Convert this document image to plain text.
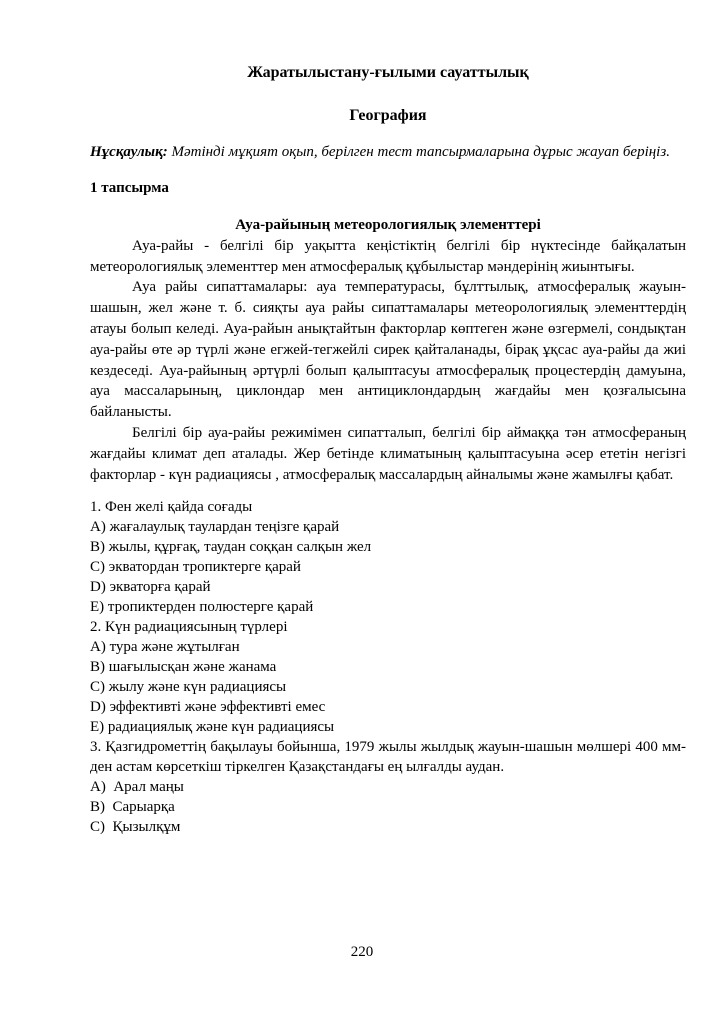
Жаратылыстану-ғылыми сауаттылық
География

Нұсқаулық: Мәтінді мұқият оқып, берілген тест тапсырмаларына дұрыс жауап беріңіз.

1 тапсырма

Ауа-райының метеорологиялық элементтері

Ауа-райы - белгілі бір уақытта кеңістіктің белгілі бір нүктесінде байқалатын метеорологиялық элементтер мен атмосфералық құбылыстар мәндерінің жиынтығы.

Ауа райы сипаттамалары: ауа температурасы, бұлттылық, атмосфералық жауын-шашын, жел және т. б. сияқты ауа райы сипаттамалары метеорологиялық элементтердің атауы болып келеді. Ауа-райын анықтайтын факторлар көптеген және өзгермелі, сондықтан ауа-райы өте әр түрлі және егжей-тегжейлі сирек қайталанады, бірақ ұқсас ауа-райы да жиі кездеседі. Ауа-райының әртүрлі болып қалыптасуы атмосфералық процестердің дамуына, ауа массаларының, циклондар мен антициклондардың жағдайы мен қозғалысына байланысты.

Белгілі бір ауа-райы режимімен сипатталып, белгілі бір аймаққа тән атмосфераның жағдайы климат деп аталады. Жер бетінде климатының қалыптасуына әсер ететін негізгі факторлар - күн радиациясы , атмосфералық массалардың айналымы және жамылғы қабат.

1. Фен желі қайда соғады

A) жағалаулық таулардан теңізге қарай

B) жылы, құрғақ, таудан соққан салқын жел

C) экватордан тропиктерге қарай

D) экваторға қарай

E) тропиктерден полюстерге қарай

2. Күн радиациясының түрлері

A) тура және жұтылған

B) шағылысқан және жанама

C) жылу және күн радиациясы

D) эффективті және эффективті емес

E) радиациялық және күн радиациясы

3. Қазгидрометтің бақылауы бойынша, 1979 жылы жылдық жауын-шашын мөлшері 400 мм-ден астам көрсеткіш тіркелген Қазақстандағы ең ылғалды аудан.

A)  Арал маңы

B)  Сарыарқа

C)  Қызылқұм

220
